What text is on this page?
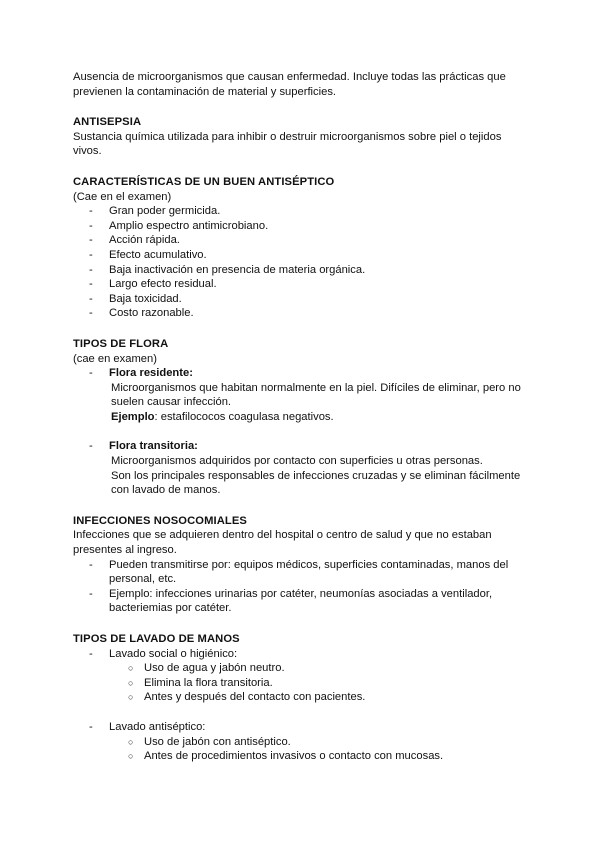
Ausencia de microorganismos que causan enfermedad. Incluye todas las prácticas que previenen la contaminación de material y superficies.

ANTISEPSIA

Sustancia química utilizada para inhibir o destruir microorganismos sobre piel o tejidos vivos.

CARACTERÍSTICAS DE UN BUEN ANTISÉPTICO

(Cae en el examen)

- Gran poder germicida.
- Amplio espectro antimicrobiano.
- Acción rápida.
- Efecto acumulativo.
- Baja inactivación en presencia de materia orgánica.
- Largo efecto residual.
- Baja toxicidad.
- Costo razonable.

TIPOS DE FLORA

(cae en examen)

- Flora residente:

Microorganismos que habitan normalmente en la piel. Difíciles de eliminar, pero no suelen causar infección.

Ejemplo: estafilococos coagulasa negativos.

- Flora transitoria:

Microorganismos adquiridos por contacto con superficies u otras personas.

Son los principales responsables de infecciones cruzadas y se eliminan fácilmente con lavado de manos.

INFECCIONES NOSOCOMIALES

Infecciones que se adquieren dentro del hospital o centro de salud y que no estaban presentes al ingreso.

- Pueden transmitirse por: equipos médicos, superficies contaminadas, manos del personal, etc.
- Ejemplo: infecciones urinarias por catéter, neumonías asociadas a ventilador, bacteriemias por catéter.

TIPOS DE LAVADO DE MANOS

- Lavado social o higiénico:
○ Uso de agua y jabón neutro.
○ Elimina la flora transitoria.
○ Antes y después del contacto con pacientes.
- Lavado antiséptico:
○ Uso de jabón con antiséptico.
○ Antes de procedimientos invasivos o contacto con mucosas.
